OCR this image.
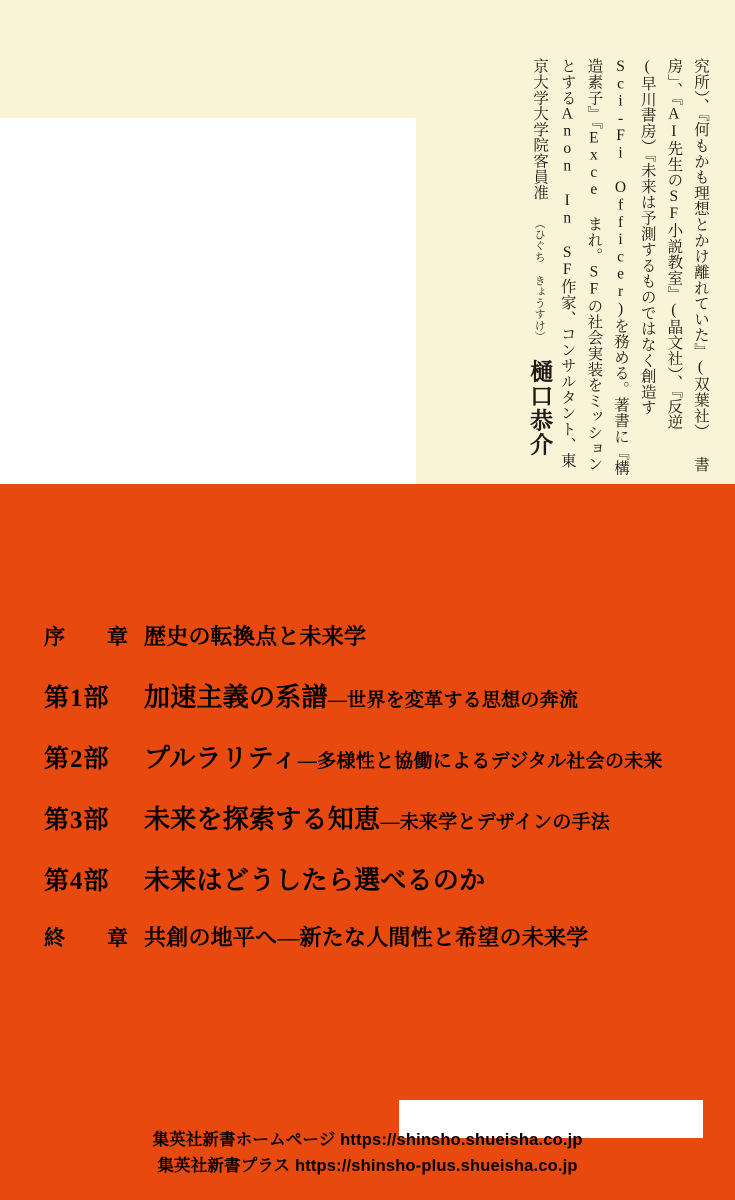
究所）、『何もかも理想とかけ離れていた』(双葉社） 書房」、『AI先生のSF小説教室』(晶文社）、『反逆 (早川書房）『未来は予測するものではなく創造す Sci-Fi Officer)を務める。著書に『構造素子』『Exce まれ。SFの社会実装をミッションとするAnon In SF作家、コンサルタント、東京大学大学院客員准 （ひぐち きょうすけ） 樋口恭介
序　章 歴史の転換点と未来学
第1部	加速主義の系譜―世界を変革する思想の奔流
第2部	プルラリティ―多様性と協働によるデジタル社会の未来
第3部	未来を探索する知恵―未来学とデザインの手法
第4部	未来はどうしたら選べるのか
終　章 共創の地平へ―新たな人間性と希望の未来学
集英社新書ホームページ https://shinsho.shueisha.co.jp
集英社新書プラス https://shinsho-plus.shueisha.co.jp
